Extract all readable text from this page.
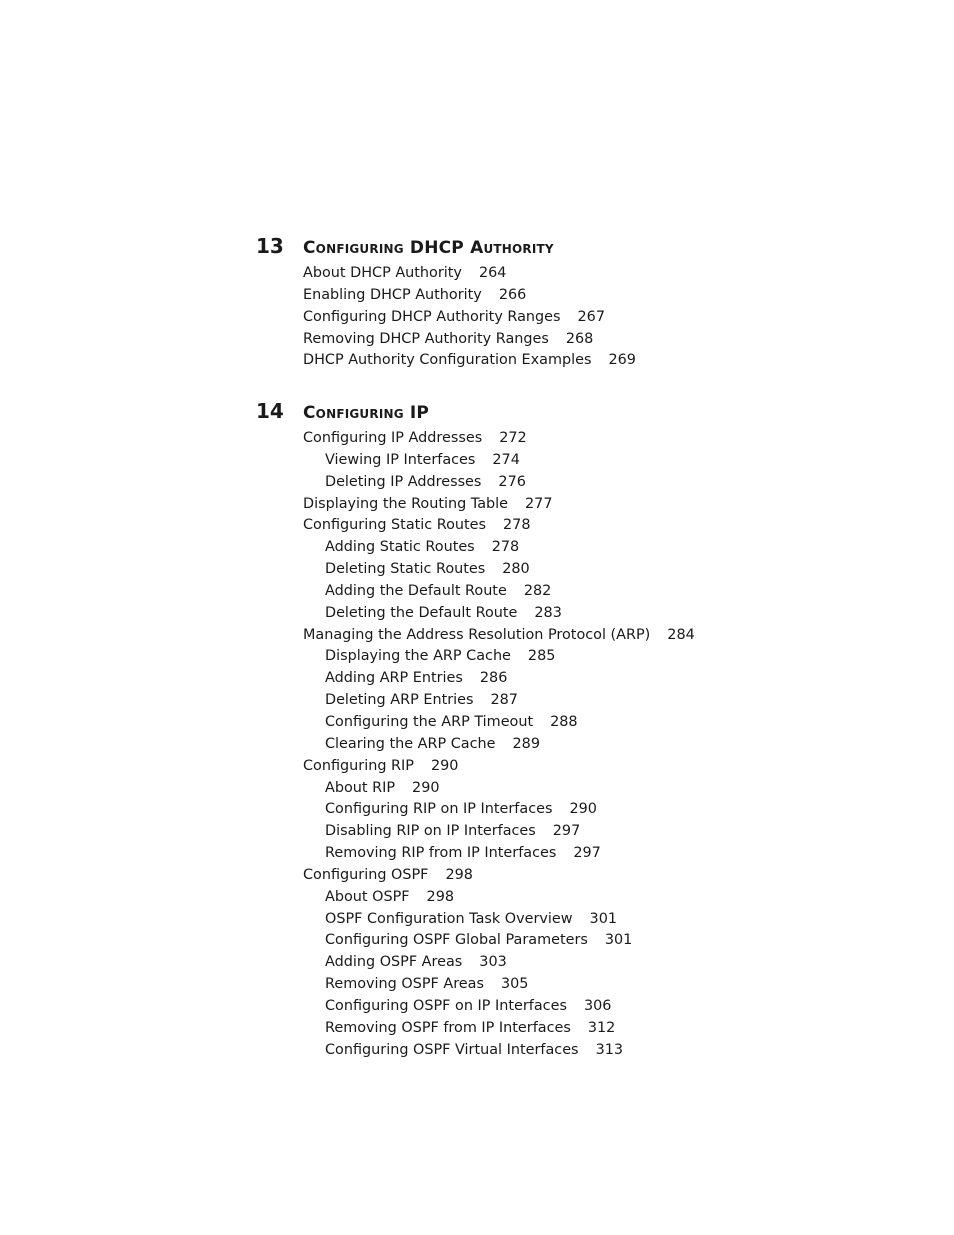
13 Configuring DHCP Authority
About DHCP Authority 264
Enabling DHCP Authority 266
Configuring DHCP Authority Ranges 267
Removing DHCP Authority Ranges 268
DHCP Authority Configuration Examples 269
14 Configuring IP
Configuring IP Addresses 272
Viewing IP Interfaces 274
Deleting IP Addresses 276
Displaying the Routing Table 277
Configuring Static Routes 278
Adding Static Routes 278
Deleting Static Routes 280
Adding the Default Route 282
Deleting the Default Route 283
Managing the Address Resolution Protocol (ARP) 284
Displaying the ARP Cache 285
Adding ARP Entries 286
Deleting ARP Entries 287
Configuring the ARP Timeout 288
Clearing the ARP Cache 289
Configuring RIP 290
About RIP 290
Configuring RIP on IP Interfaces 290
Disabling RIP on IP Interfaces 297
Removing RIP from IP Interfaces 297
Configuring OSPF 298
About OSPF 298
OSPF Configuration Task Overview 301
Configuring OSPF Global Parameters 301
Adding OSPF Areas 303
Removing OSPF Areas 305
Configuring OSPF on IP Interfaces 306
Removing OSPF from IP Interfaces 312
Configuring OSPF Virtual Interfaces 313
